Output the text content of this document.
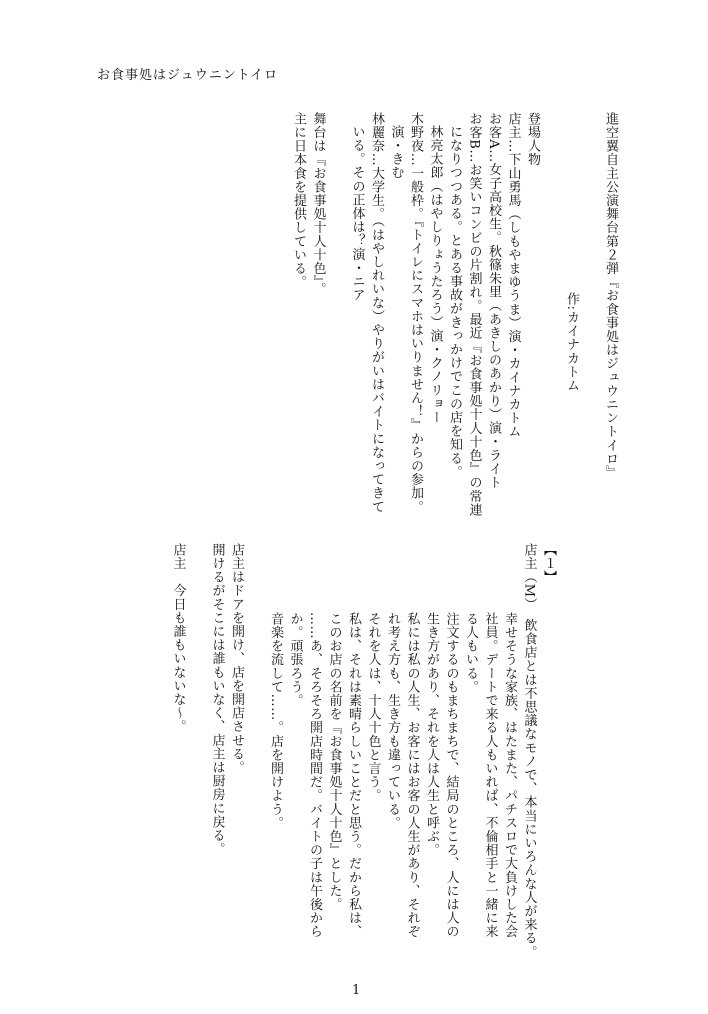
お食事処はジュウニントイロ
進空翼自主公演舞台第２弾『お食事処はジュウニントイロ』
作:カイナカトム
登場人物
店主…下山勇馬（しもやまゆうま）演・カイナカトム
お客A…女子高校生。秋篠朱里（あきしのあかり）演・ライト
お客B…お笑いコンビの片割れ。最近『お食事処十人十色』の常連
になりつつある。とある事故がきっかけでこの店を知る。
林亮太郎（はやしりょうたろう）演・クノリョー
木野夜…一般枠。『トイレにスマホはいりません！』からの参加。
演・きむ
林麗奈…大学生。（はやしれいな）やりがいはバイトになってきて
いる。その正体は？演・ニア
舞台は『お食事処十人十色』。
主に日本食を提供している。
【１】
店主（M）　飲食店とは不思議なモノで、本当にいろんな人が来る。
幸せそうな家族、はたまた、パチスロで大負けした会
社員。デートで来る人もいれば、不倫相手と一緒に来
る人もいる。
注文するのもまちまちで、結局のところ、人には人の
生き方があり、それを人は人生と呼ぶ。
私には私の人生、お客にはお客の人生があり、それぞ
れ考え方も、生き方も違っている。
それを人は、十人十色と言う。
私は、それは素晴らしいことだと思う。だから私は、
このお店の名前を『お食事処十人十色』とした。
……あ、そろそろ開店時間だ。バイトの子は午後から
か。頑張ろう。
音楽を流して……。店を開けよう。
店主はドアを開け、店を開店させる。
開けるがそこには誰もいなく、店主は厨房に戻る。
店主　今日も誰もいないな〜。
1
